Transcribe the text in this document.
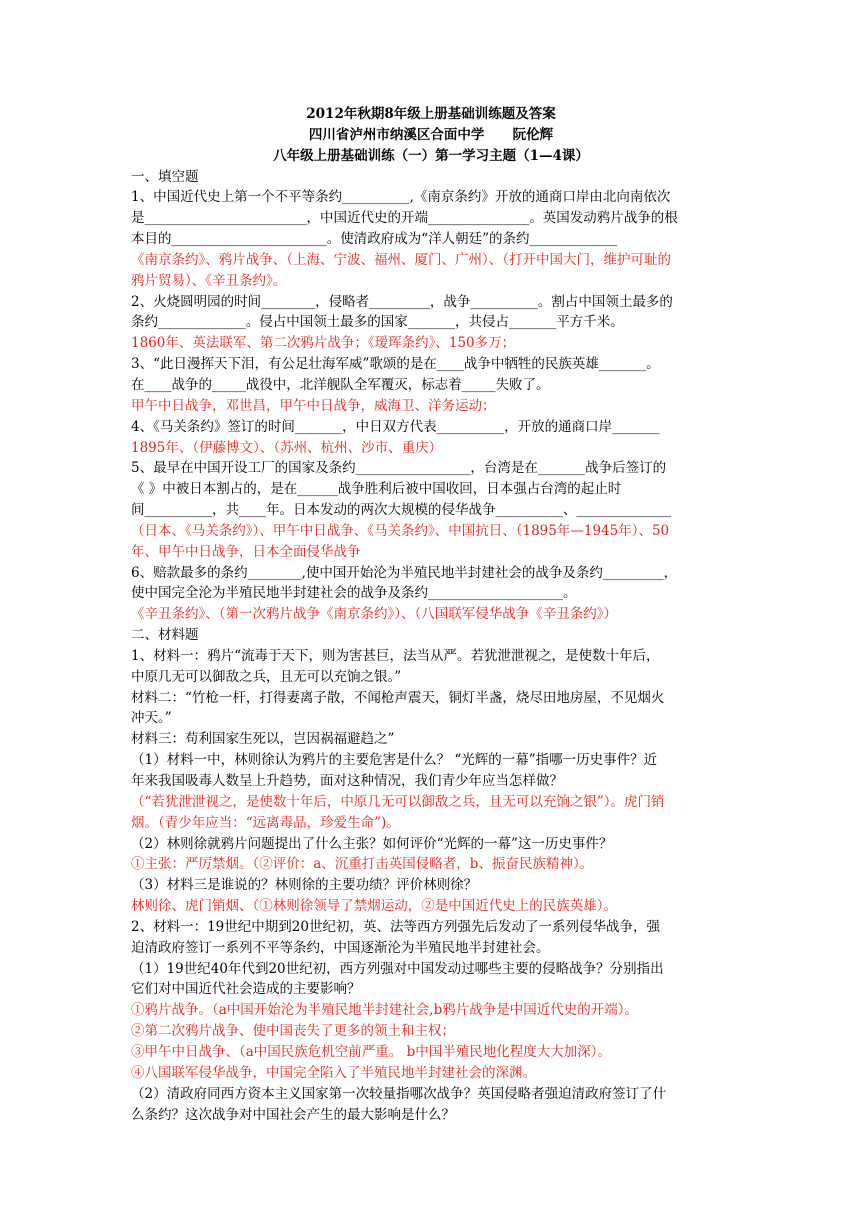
2012年秋期8年级上册基础训练题及答案
四川省泸州市纳溪区合面中学      阮伦辉
八年级上册基础训练（一）第一学习主题（1—4课）
一、填空题
1、中国近代史上第一个不平等条约__________,《南京条约》开放的通商口岸由北向南依次
是________________________，中国近代史的开端_______________。英国发动鸦片战争的根
本目的_______________________。使清政府成为“洋人朝廷”的条约_____________
《南京条约》、鸦片战争、（上海、宁波、福州、厦门、广州）、（打开中国大门，维护可耻的
鸦片贸易）、《辛丑条约》。
2、火烧圆明园的时间________，侵略者_________，战争__________。割占中国领土最多的
条约_____________。侵占中国领土最多的国家_______，共侵占_______平方千米。
1860年、英法联军、第二次鸦片战争；《瑷珲条约》、150多万；
3、“此日漫挥天下泪，有公足壮海军威”歌颂的是在____战争中牺牲的民族英雄_______。
在____战争的_____战役中，北洋舰队全军覆灭，标志着_____失败了。
甲午中日战争，邓世昌，甲午中日战争，威海卫、洋务运动；
4、《马关条约》签订的时间_______，中日双方代表__________，开放的通商口岸_______
1895年、（伊藤博文）、（苏州、杭州、沙市、重庆）
5、最早在中国开设工厂的国家及条约_________________，台湾是在_______战争后签订的
《 》中被日本割占的，是在______战争胜利后被中国收回，日本强占台湾的起止时
间__________，共____年。日本发动的两次大规模的侵华战争__________、______________
（日本、《马关条约》）、甲午中日战争、《马关条约》、中国抗日、（1895年—1945年）、50
年、甲午中日战争，日本全面侵华战争
6、赔款最多的条约________,使中国开始沦为半殖民地半封建社会的战争及条约_________，
使中国完全沦为半殖民地半封建社会的战争及条约____________________。
《辛丑条约》、（第一次鸦片战争《南京条约》）、（八国联军侵华战争《辛丑条约》）
二、材料题
1、材料一：鸦片“流毒于天下，则为害甚巨，法当从严。若犹泄泄视之，是使数十年后，
中原几无可以御敌之兵，且无可以充饷之银。”
材料二：“竹枪一杆，打得妻离子散，不闻枪声震天，铜灯半盏，烧尽田地房屋，不见烟火
冲天。”
材料三：苟利国家生死以，岂因祸福避趋之”
（1）材料一中，林则徐认为鸦片的主要危害是什么？ “光辉的一幕”指哪一历史事件？近
年来我国吸毒人数呈上升趋势，面对这种情况，我们青少年应当怎样做？
（“若犹泄泄视之，是使数十年后，中原几无可以御敌之兵，且无可以充饷之银”）。虎门销
烟。（青少年应当：“远离毒品，珍爱生命”)。
（2）林则徐就鸦片问题提出了什么主张？如何评价“光辉的一幕”这一历史事件？
①主张：严厉禁烟。（②评价：a、沉重打击英国侵略者，b、振奋民族精神）。
（3）材料三是谁说的？林则徐的主要功绩？评价林则徐？
林则徐、虎门销烟、（①林则徐领导了禁烟运动，②是中国近代史上的民族英雄）。
2、材料一：19世纪中期到20世纪初，英、法等西方列强先后发动了一系列侵华战争，强
迫清政府签订一系列不平等条约，中国逐渐沦为半殖民地半封建社会。
（1）19世纪40年代到20世纪初，西方列强对中国发动过哪些主要的侵略战争？分别指出
它们对中国近代社会造成的主要影响？
①鸦片战争。（a中国开始沦为半殖民地半封建社会,b鸦片战争是中国近代史的开端）。
②第二次鸦片战争、使中国丧失了更多的领土和主权；
③甲午中日战争、（a中国民族危机空前严重。 b中国半殖民地化程度大大加深）。
④八国联军侵华战争，中国完全陷入了半殖民地半封建社会的深渊。
（2）清政府同西方资本主义国家第一次较量指哪次战争？英国侵略者强迫清政府签订了什
么条约？这次战争对中国社会产生的最大影响是什么？
